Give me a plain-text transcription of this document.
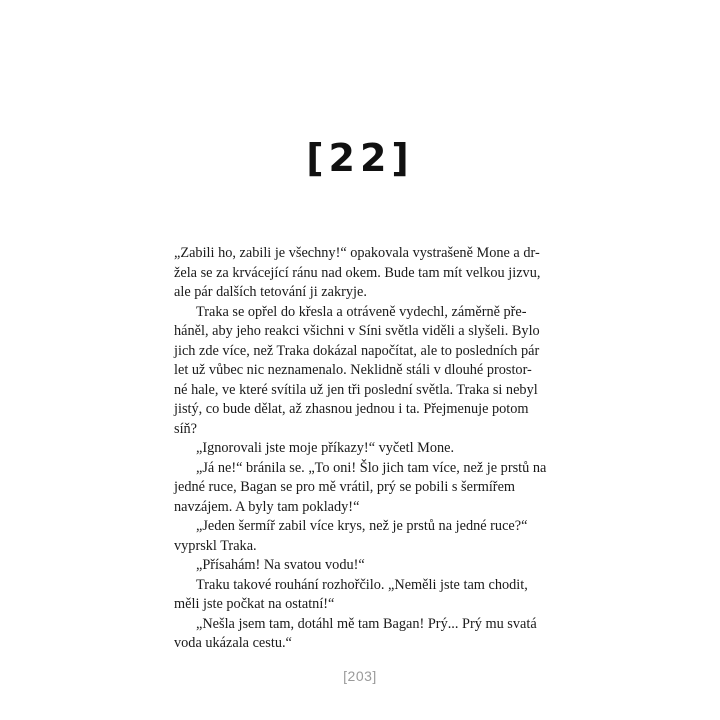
[22]

„Zabili ho, zabili je všechny!“ opakovala vystrašeně Mone a dr-

žela se za krvácející ránu nad okem. Bude tam mít velkou jizvu,

ale pár dalších tetování ji zakryje.

Traka se opřel do křesla a otráveně vydechl, záměrně pře-

háněl, aby jeho reakci všichni v Síni světla viděli a slyšeli. Bylo

jich zde více, než Traka dokázal napočítat, ale to posledních pár

let už vůbec nic neznamenalo. Neklidně stáli v dlouhé prostor-

né hale, ve které svítila už jen tři poslední světla. Traka si nebyl

jistý, co bude dělat, až zhasnou jednou i ta. Přejmenuje potom

síň?

„Ignorovali jste moje příkazy!“ vyčetl Mone.

„Já ne!“ bránila se. „To oni! Šlo jich tam více, než je prstů na

jedné ruce, Bagan se pro mě vrátil, prý se pobili s šermířem

navzájem. A byly tam poklady!“

„Jeden šermíř zabil více krys, než je prstů na jedné ruce?“

vyprskl Traka.

„Přísahám! Na svatou vodu!“

Traku takové rouhání rozhořčilo. „Neměli jste tam chodit,

měli jste počkat na ostatní!“

„Nešla jsem tam, dotáhl mě tam Bagan! Prý... Prý mu svatá

voda ukázala cestu.“

[203]
